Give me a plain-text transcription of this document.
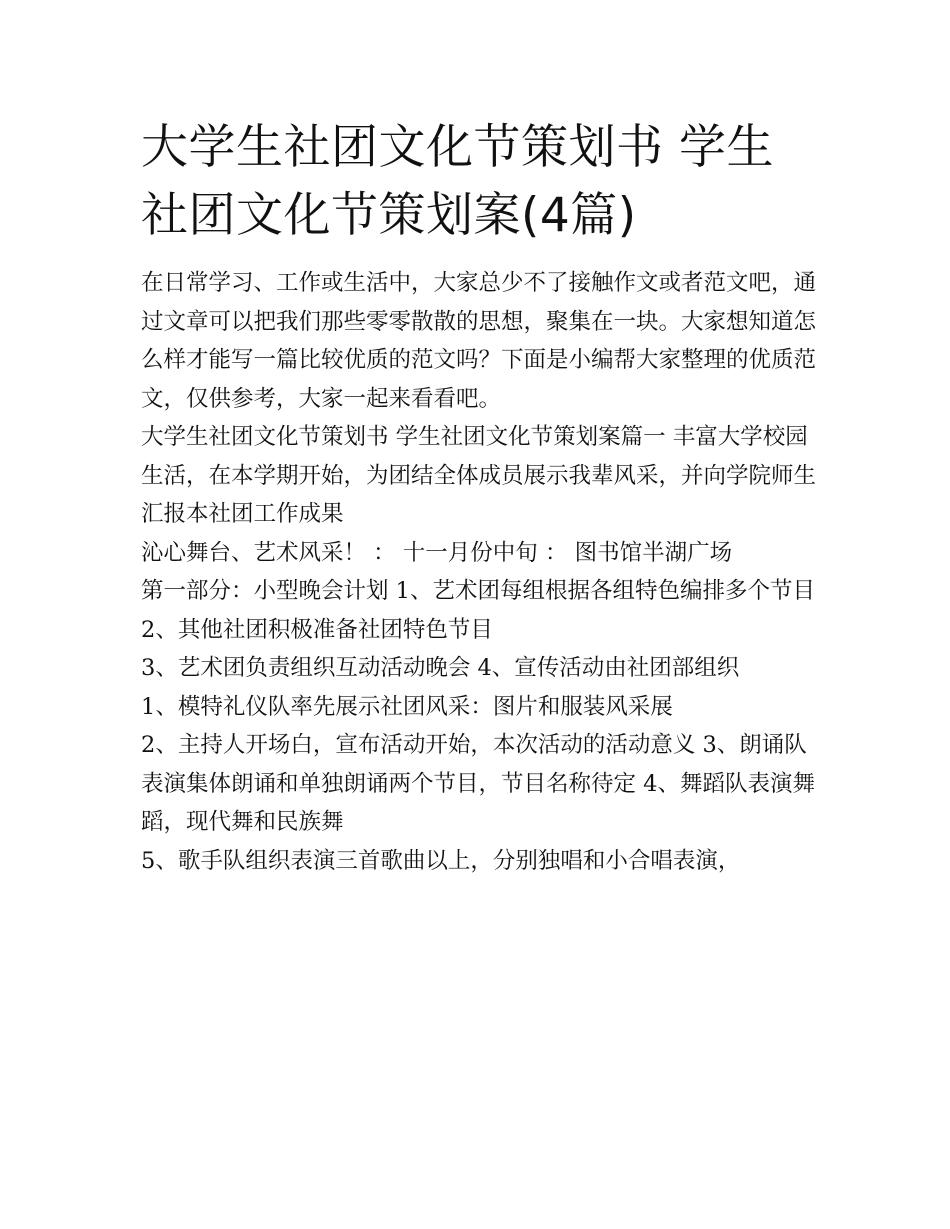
大学生社团文化节策划书 学生社团文化节策划案(4篇)

在日常学习、工作或生活中，大家总少不了接触作文或者范文吧，通过文章可以把我们那些零零散散的思想，聚集在一块。大家想知道怎么样才能写一篇比较优质的范文吗？下面是小编帮大家整理的优质范文，仅供参考，大家一起来看看吧。

大学生社团文化节策划书 学生社团文化节策划案篇一 丰富大学校园生活，在本学期开始，为团结全体成员展示我辈风采，并向学院师生汇报本社团工作成果

沁心舞台、艺术风采！ ： 十一月份中旬 ： 图书馆半湖广场

第一部分：小型晚会计划 1、艺术团每组根据各组特色编排多个节目 2、其他社团积极准备社团特色节目

3、艺术团负责组织互动活动晚会 4、宣传活动由社团部组织

1、模特礼仪队率先展示社团风采：图片和服装风采展

2、主持人开场白，宣布活动开始，本次活动的活动意义 3、朗诵队表演集体朗诵和单独朗诵两个节目，节目名称待定 4、舞蹈队表演舞蹈，现代舞和民族舞

5、歌手队组织表演三首歌曲以上，分别独唱和小合唱表演，
